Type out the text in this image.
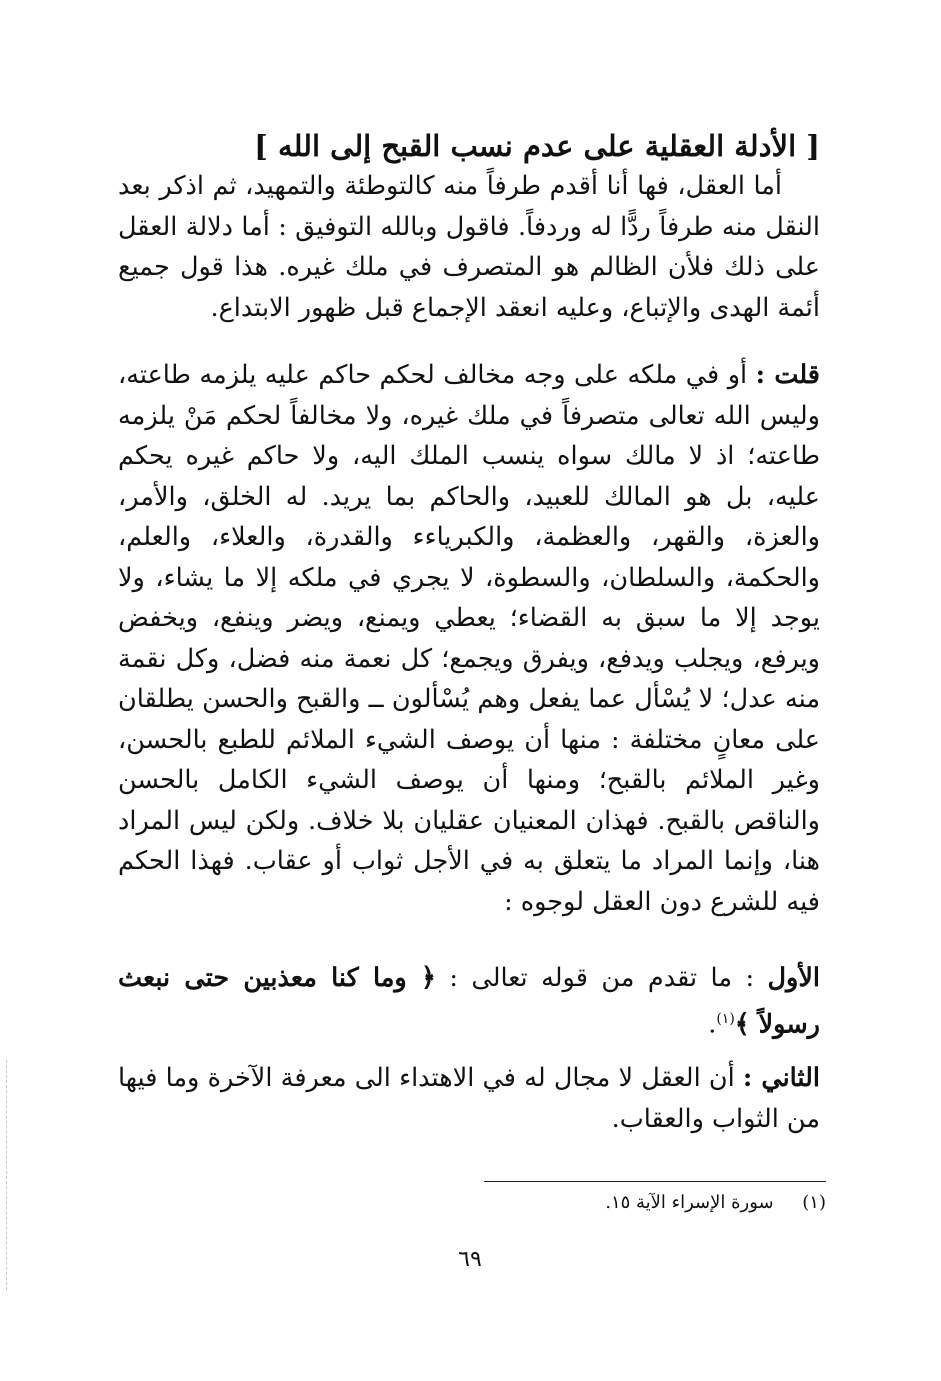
[ الأدلة العقلية على عدم نسب القبح إلى الله ]

أما العقل، فها أنا أقدم طرفاً منه كالتوطئة والتمهيد، ثم اذكر بعد النقل منه طرفاً ردًّا له وردفاً. فاقول وبالله التوفيق : أما دلالة العقل على ذلك فلأن الظالم هو المتصرف في ملك غيره. هذا قول جميع أئمة الهدى والإتباع، وعليه انعقد الإجماع قبل ظهور الابتداع.

قلت : أو في ملكه على وجه مخالف لحكم حاكم عليه يلزمه طاعته، وليس الله تعالى متصرفاً في ملك غيره، ولا مخالفاً لحكم مَنْ يلزمه طاعته؛ اذ لا مالك سواه ينسب الملك اليه، ولا حاكم غيره يحكم عليه، بل هو المالك للعبيد، والحاكم بما يريد. له الخلق، والأمر، والعزة، والقهر، والعظمة، والكبرياءء والقدرة، والعلاء، والعلم، والحكمة، والسلطان، والسطوة، لا يجري في ملكه إلا ما يشاء، ولا يوجد إلا ما سبق به القضاء؛ يعطي ويمنع، ويضر وينفع، ويخفض ويرفع، ويجلب ويدفع، ويفرق ويجمع؛ كل نعمة منه فضل، وكل نقمة منه عدل؛ لا يُسْأل عما يفعل وهم يُسْألون ــ والقبح والحسن يطلقان على معانٍ مختلفة : منها أن يوصف الشيء الملائم للطبع بالحسن، وغير الملائم بالقبح؛ ومنها أن يوصف الشيء الكامل بالحسن والناقص بالقبح. فهذان المعنيان عقليان بلا خلاف. ولكن ليس المراد هنا، وإنما المراد ما يتعلق به في الأجل ثواب أو عقاب. فهذا الحكم فيه للشرع دون العقل لوجوه :

الأول : ما تقدم من قوله تعالى : ﴿ وما كنا معذبين حتى نبعث رسولاً ﴾$^{(١)}$.

الثاني : أن العقل لا مجال له في الاهتداء الى معرفة الآخرة وما فيها من الثواب والعقاب.

(١)     سورة الإسراء الآية ١٥.
٦٩
